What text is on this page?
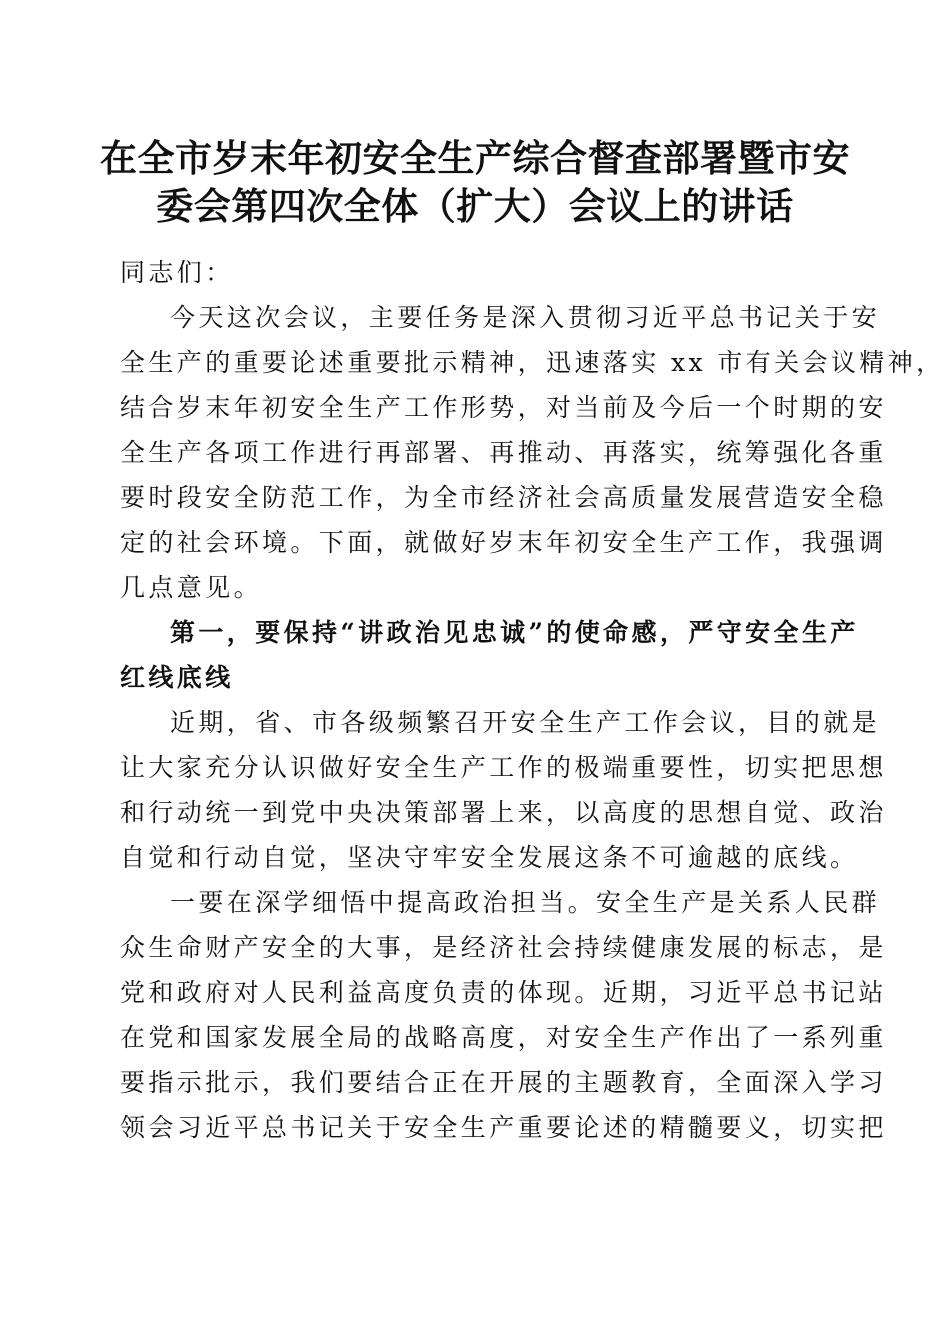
在全市岁末年初安全生产综合督查部署暨市安
委会第四次全体（扩大）会议上的讲话
同志们：
今天这次会议，主要任务是深入贯彻习近平总书记关于安
全生产的重要论述重要批示精神，迅速落实 xx 市有关会议精神，
结合岁末年初安全生产工作形势，对当前及今后一个时期的安
全生产各项工作进行再部署、再推动、再落实，统筹强化各重
要时段安全防范工作，为全市经济社会高质量发展营造安全稳
定的社会环境。下面，就做好岁末年初安全生产工作，我强调
几点意见。
第一，要保持“讲政治见忠诚”的使命感，严守安全生产
红线底线
近期，省、市各级频繁召开安全生产工作会议，目的就是
让大家充分认识做好安全生产工作的极端重要性，切实把思想
和行动统一到党中央决策部署上来，以高度的思想自觉、政治
自觉和行动自觉，坚决守牢安全发展这条不可逾越的底线。
一要在深学细悟中提高政治担当。安全生产是关系人民群
众生命财产安全的大事，是经济社会持续健康发展的标志，是
党和政府对人民利益高度负责的体现。近期，习近平总书记站
在党和国家发展全局的战略高度，对安全生产作出了一系列重
要指示批示，我们要结合正在开展的主题教育，全面深入学习
领会习近平总书记关于安全生产重要论述的精髓要义，切实把
